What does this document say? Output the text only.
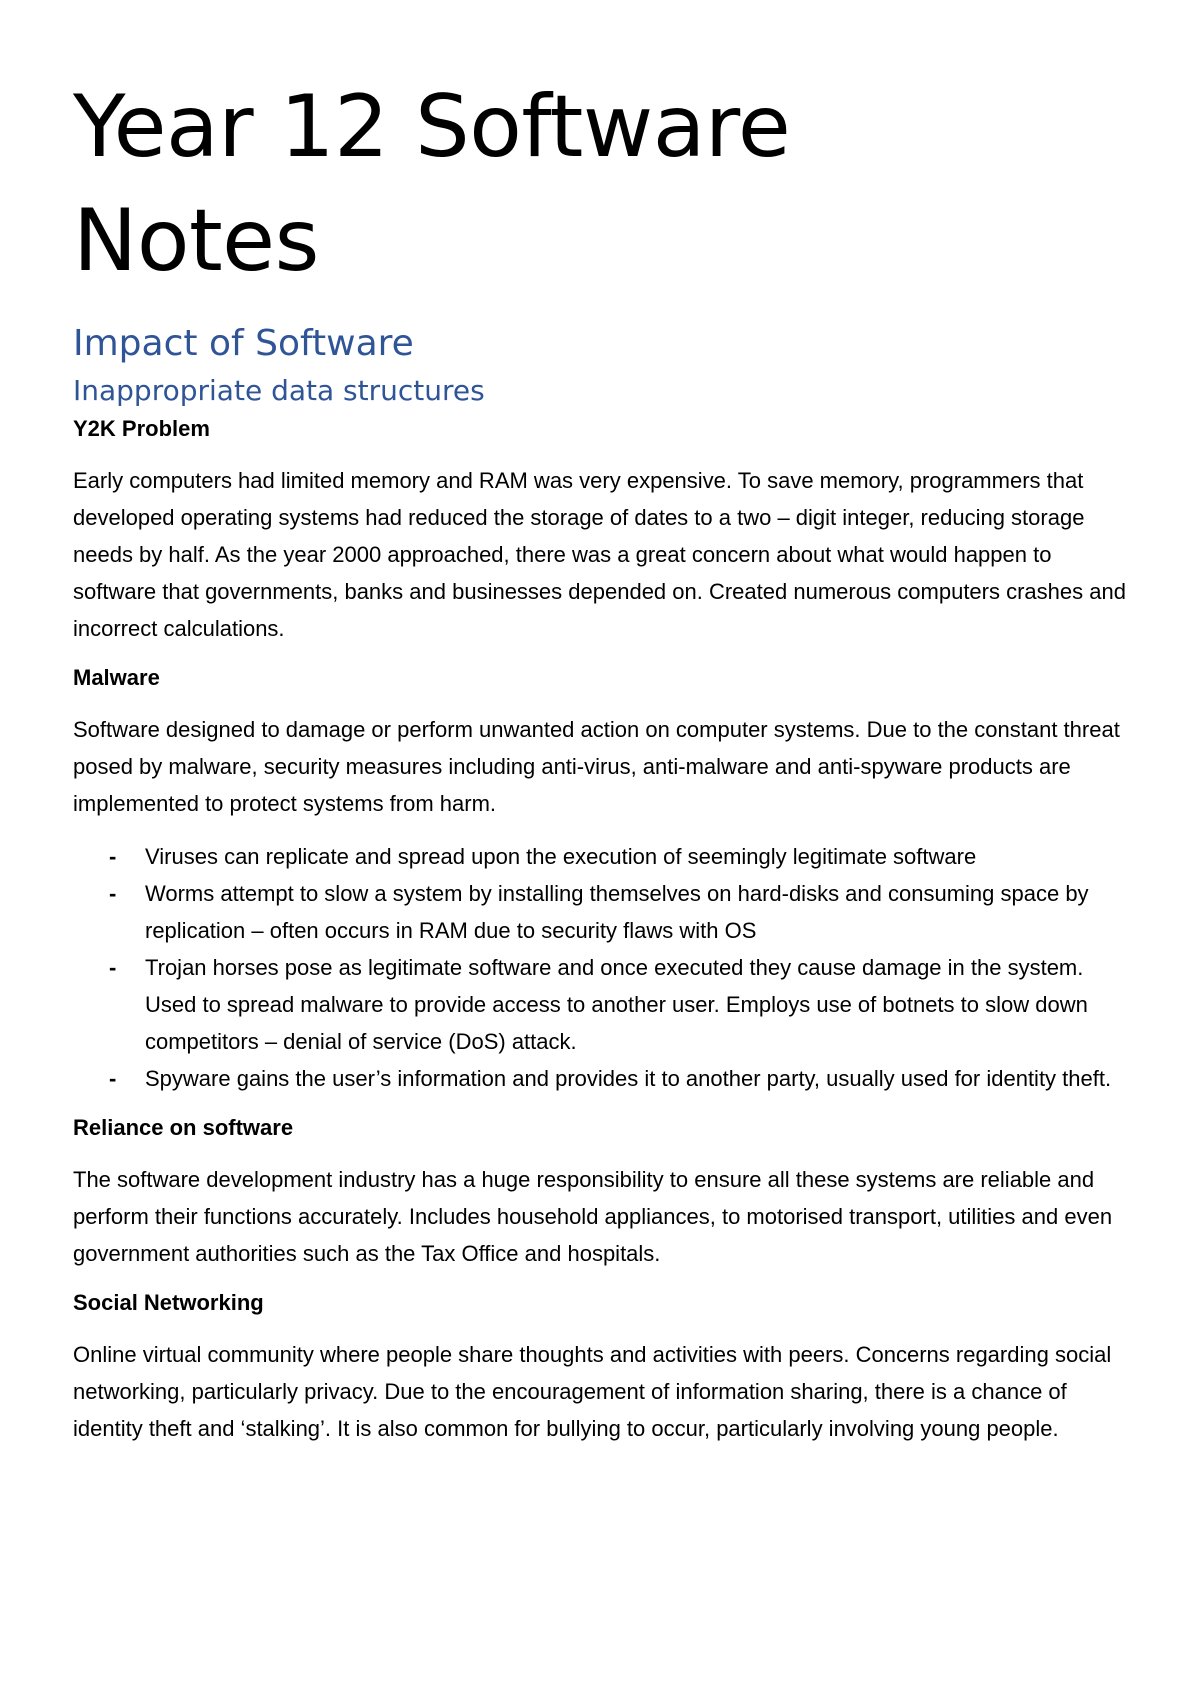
Year 12 Software
Notes
Impact of Software
Inappropriate data structures
Y2K Problem

Early computers had limited memory and RAM was very expensive. To save memory, programmers that developed operating systems had reduced the storage of dates to a two – digit integer, reducing storage needs by half. As the year 2000 approached, there was a great concern about what would happen to software that governments, banks and businesses depended on. Created numerous computers crashes and incorrect calculations.

Malware

Software designed to damage or perform unwanted action on computer systems. Due to the constant threat posed by malware, security measures including anti-virus, anti-malware and anti-spyware products are implemented to protect systems from harm.

- Viruses can replicate and spread upon the execution of seemingly legitimate software
- Worms attempt to slow a system by installing themselves on hard-disks and consuming space by replication – often occurs in RAM due to security flaws with OS
- Trojan horses pose as legitimate software and once executed they cause damage in the system. Used to spread malware to provide access to another user. Employs use of botnets to slow down competitors – denial of service (DoS) attack.
- Spyware gains the user’s information and provides it to another party, usually used for identity theft.
Reliance on software

The software development industry has a huge responsibility to ensure all these systems are reliable and perform their functions accurately. Includes household appliances, to motorised transport, utilities and even government authorities such as the Tax Office and hospitals.

Social Networking

Online virtual community where people share thoughts and activities with peers. Concerns regarding social networking, particularly privacy. Due to the encouragement of information sharing, there is a chance of identity theft and ‘stalking’. It is also common for bullying to occur, particularly involving young people.
